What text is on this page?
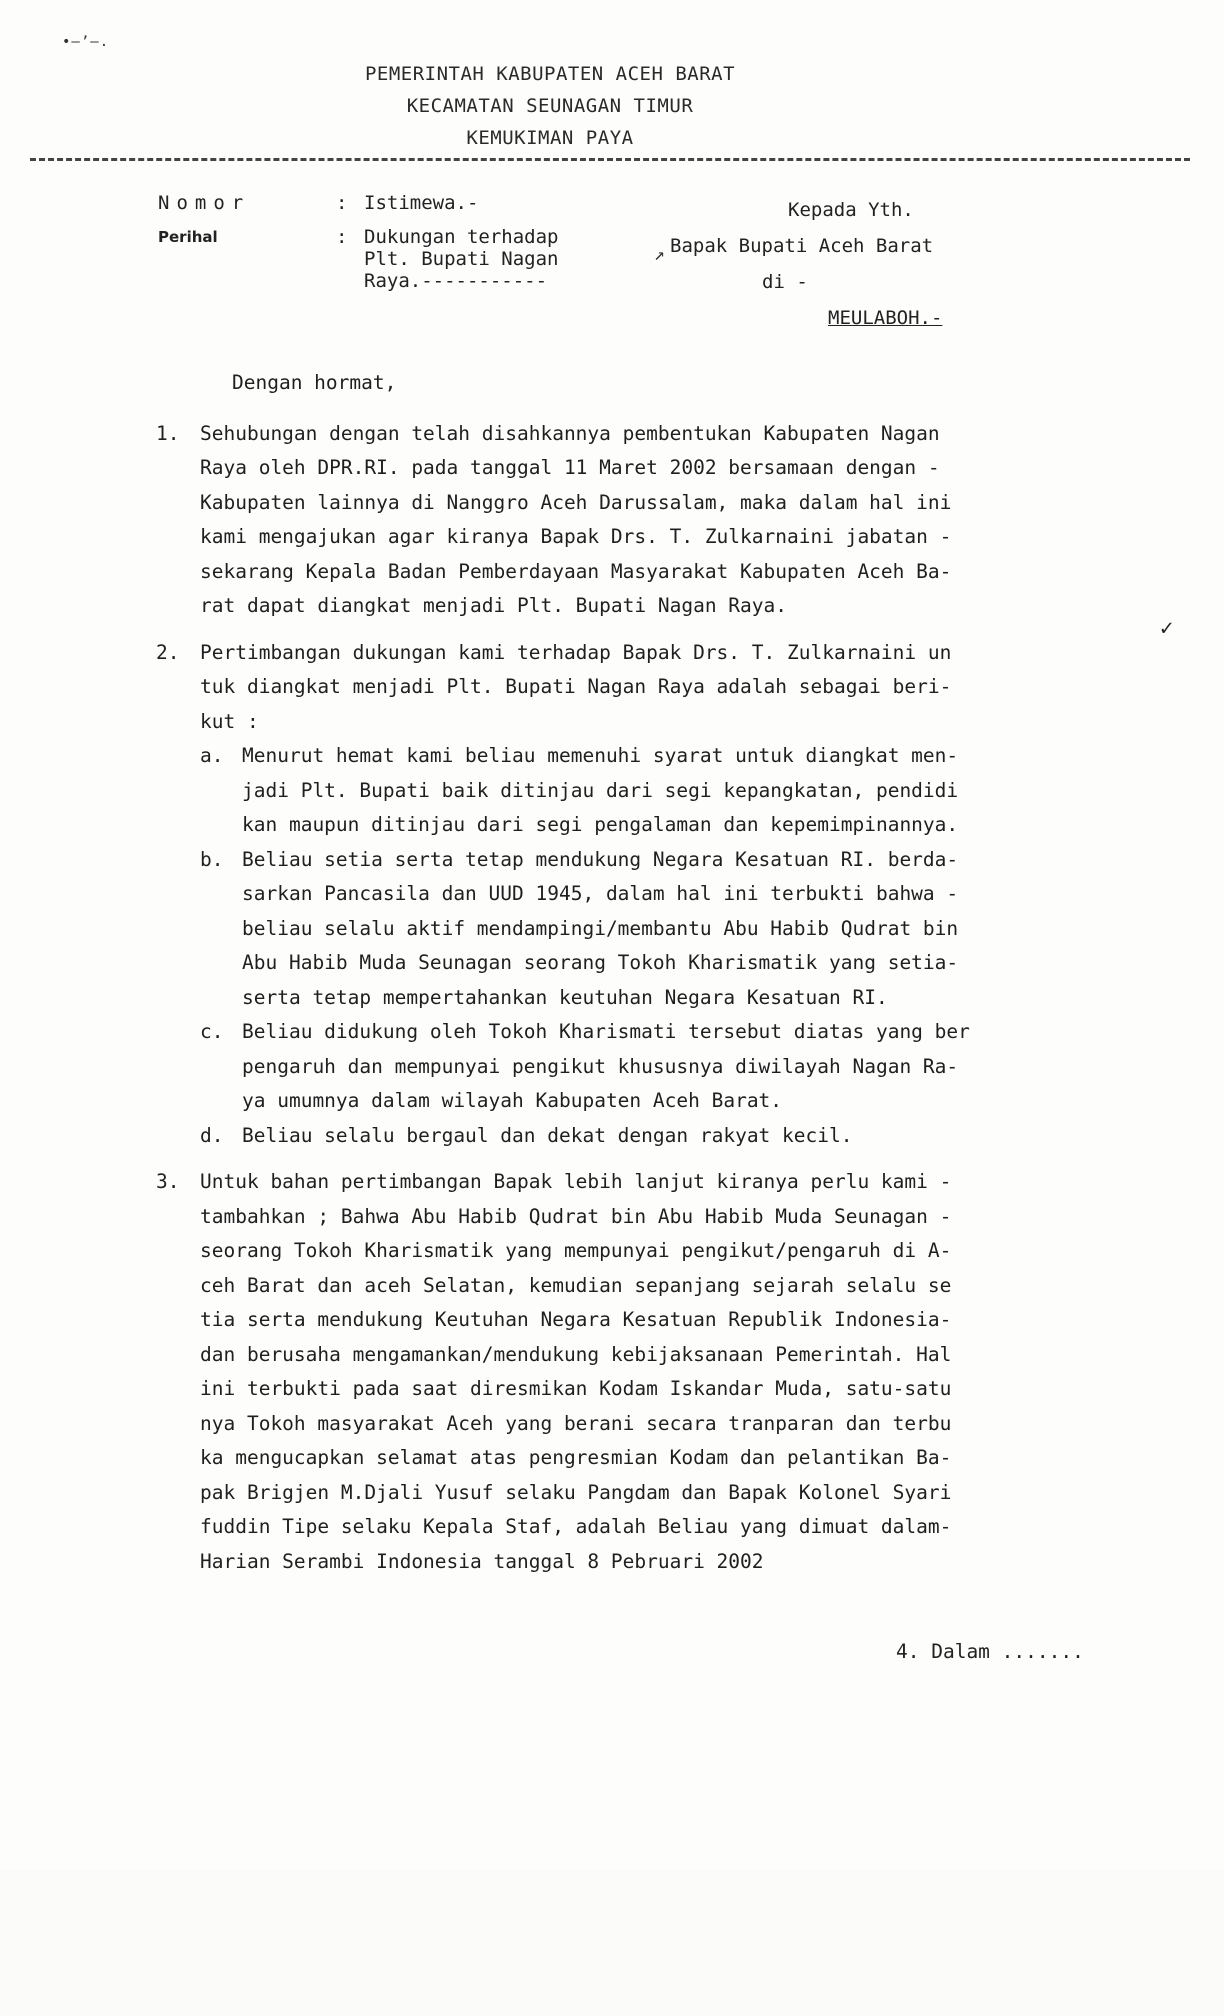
•—ʼ—.
PEMERINTAH KABUPATEN ACEH BARAT
KECAMATAN SEUNAGAN TIMUR
KEMUKIMAN PAYA
Nomor	: Istimewa.-
Perihal	: Dukungan terhadap
Plt. Bupati Nagan
Raya.-----------
↗
Kepada Yth.
Bapak Bupati Aceh Barat
di -
MEULABOH.-
Dengan hormat,
1. Sehubungan dengan telah disahkannya pembentukan Kabupaten Nagan
Raya oleh DPR.RI. pada tanggal 11 Maret 2002 bersamaan dengan -
Kabupaten lainnya di Nanggro Aceh Darussalam, maka dalam hal ini
kami mengajukan agar kiranya Bapak Drs. T. Zulkarnaini jabatan -
sekarang Kepala Badan Pemberdayaan Masyarakat Kabupaten Aceh Ba-
rat dapat diangkat menjadi Plt. Bupati Nagan Raya.
2. Pertimbangan dukungan kami terhadap Bapak Drs. T. Zulkarnaini un
tuk diangkat menjadi Plt. Bupati Nagan Raya adalah sebagai beri-
kut :
a. Menurut hemat kami beliau memenuhi syarat untuk diangkat men-
jadi Plt. Bupati baik ditinjau dari segi kepangkatan, pendidi
kan maupun ditinjau dari segi pengalaman dan kepemimpinannya.
b. Beliau setia serta tetap mendukung Negara Kesatuan RI. berda-
sarkan Pancasila dan UUD 1945, dalam hal ini terbukti bahwa -
beliau selalu aktif mendampingi/membantu Abu Habib Qudrat bin
Abu Habib Muda Seunagan seorang Tokoh Kharismatik yang setia-
serta tetap mempertahankan keutuhan Negara Kesatuan RI.
c. Beliau didukung oleh Tokoh Kharismati tersebut diatas yang ber
pengaruh dan mempunyai pengikut khususnya diwilayah Nagan Ra-
ya umumnya dalam wilayah Kabupaten Aceh Barat.
d. Beliau selalu bergaul dan dekat dengan rakyat kecil.
3. Untuk bahan pertimbangan Bapak lebih lanjut kiranya perlu kami -
tambahkan ; Bahwa Abu Habib Qudrat bin Abu Habib Muda Seunagan -
seorang Tokoh Kharismatik yang mempunyai pengikut/pengaruh di A-
ceh Barat dan aceh Selatan, kemudian sepanjang sejarah selalu se
tia serta mendukung Keutuhan Negara Kesatuan Republik Indonesia-
dan berusaha mengamankan/mendukung kebijaksanaan Pemerintah. Hal
ini terbukti pada saat diresmikan Kodam Iskandar Muda, satu-satu
nya Tokoh masyarakat Aceh yang berani secara tranparan dan terbu
ka mengucapkan selamat atas pengresmian Kodam dan pelantikan Ba-
pak Brigjen M.Djali Yusuf selaku Pangdam dan Bapak Kolonel Syari
fuddin Tipe selaku Kepala Staf, adalah Beliau yang dimuat dalam-
Harian Serambi Indonesia tanggal 8 Pebruari 2002
✓
4. Dalam .......
